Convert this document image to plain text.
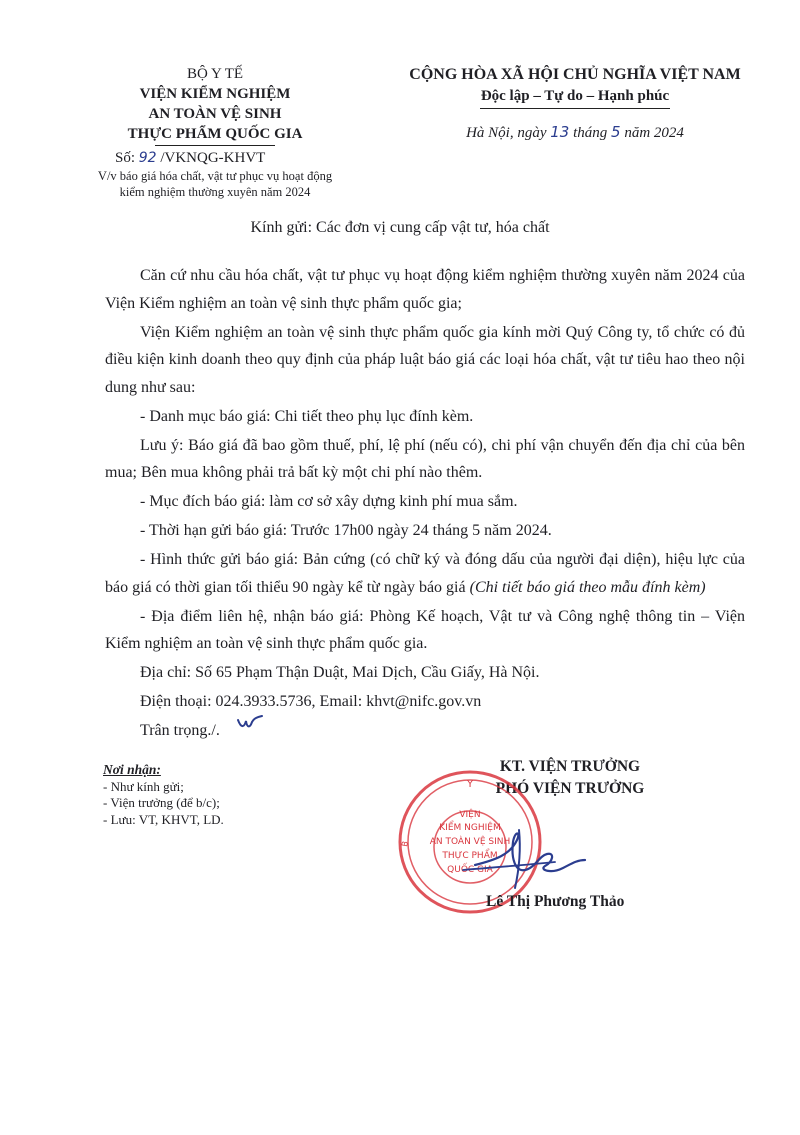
BỘ Y TẾ
VIỆN KIỂM NGHIỆM
AN TOÀN VỆ SINH
THỰC PHẨM QUỐC GIA
Số: 92 /VKNQG-KHVT
V/v báo giá hóa chất, vật tư phục vụ hoạt động
kiểm nghiệm thường xuyên năm 2024
CỘNG HÒA XÃ HỘI CHỦ NGHĨA VIỆT NAM
Độc lập – Tự do – Hạnh phúc
Hà Nội, ngày 13 tháng 5 năm 2024
Kính gửi: Các đơn vị cung cấp vật tư, hóa chất

Căn cứ nhu cầu hóa chất, vật tư phục vụ hoạt động kiểm nghiệm thường xuyên năm 2024 của Viện Kiểm nghiệm an toàn vệ sinh thực phẩm quốc gia;

Viện Kiểm nghiệm an toàn vệ sinh thực phẩm quốc gia kính mời Quý Công ty, tổ chức có đủ điều kiện kinh doanh theo quy định của pháp luật báo giá các loại hóa chất, vật tư tiêu hao theo nội dung như sau:

- Danh mục báo giá: Chi tiết theo phụ lục đính kèm.

Lưu ý: Báo giá đã bao gồm thuế, phí, lệ phí (nếu có), chi phí vận chuyển đến địa chỉ của bên mua; Bên mua không phải trả bất kỳ một chi phí nào thêm.

- Mục đích báo giá: làm cơ sở xây dựng kinh phí mua sắm.

- Thời hạn gửi báo giá: Trước 17h00 ngày 24 tháng 5 năm 2024.

- Hình thức gửi báo giá: Bản cứng (có chữ ký và đóng dấu của người đại diện), hiệu lực của báo giá có thời gian tối thiểu 90 ngày kể từ ngày báo giá (Chi tiết báo giá theo mẫu đính kèm)

- Địa điểm liên hệ, nhận báo giá: Phòng Kế hoạch, Vật tư và Công nghệ thông tin – Viện Kiểm nghiệm an toàn vệ sinh thực phẩm quốc gia.

Địa chỉ: Số 65 Phạm Thận Duật, Mai Dịch, Cầu Giấy, Hà Nội.

Điện thoại: 024.3933.5736, Email: khvt@nifc.gov.vn

Trân trọng./.

Nơi nhận:
- Như kính gửi;
- Viện trưởng (để b/c);
- Lưu: VT, KHVT, LD.
KT. VIỆN TRƯỞNG
PHÓ VIỆN TRƯỞNG
Y
VIỆN
KIỂM NGHIỆM
AN TOÀN VỆ SINH
THỰC PHẨM
QUỐC GIA
B
Lê Thị Phương Thảo
